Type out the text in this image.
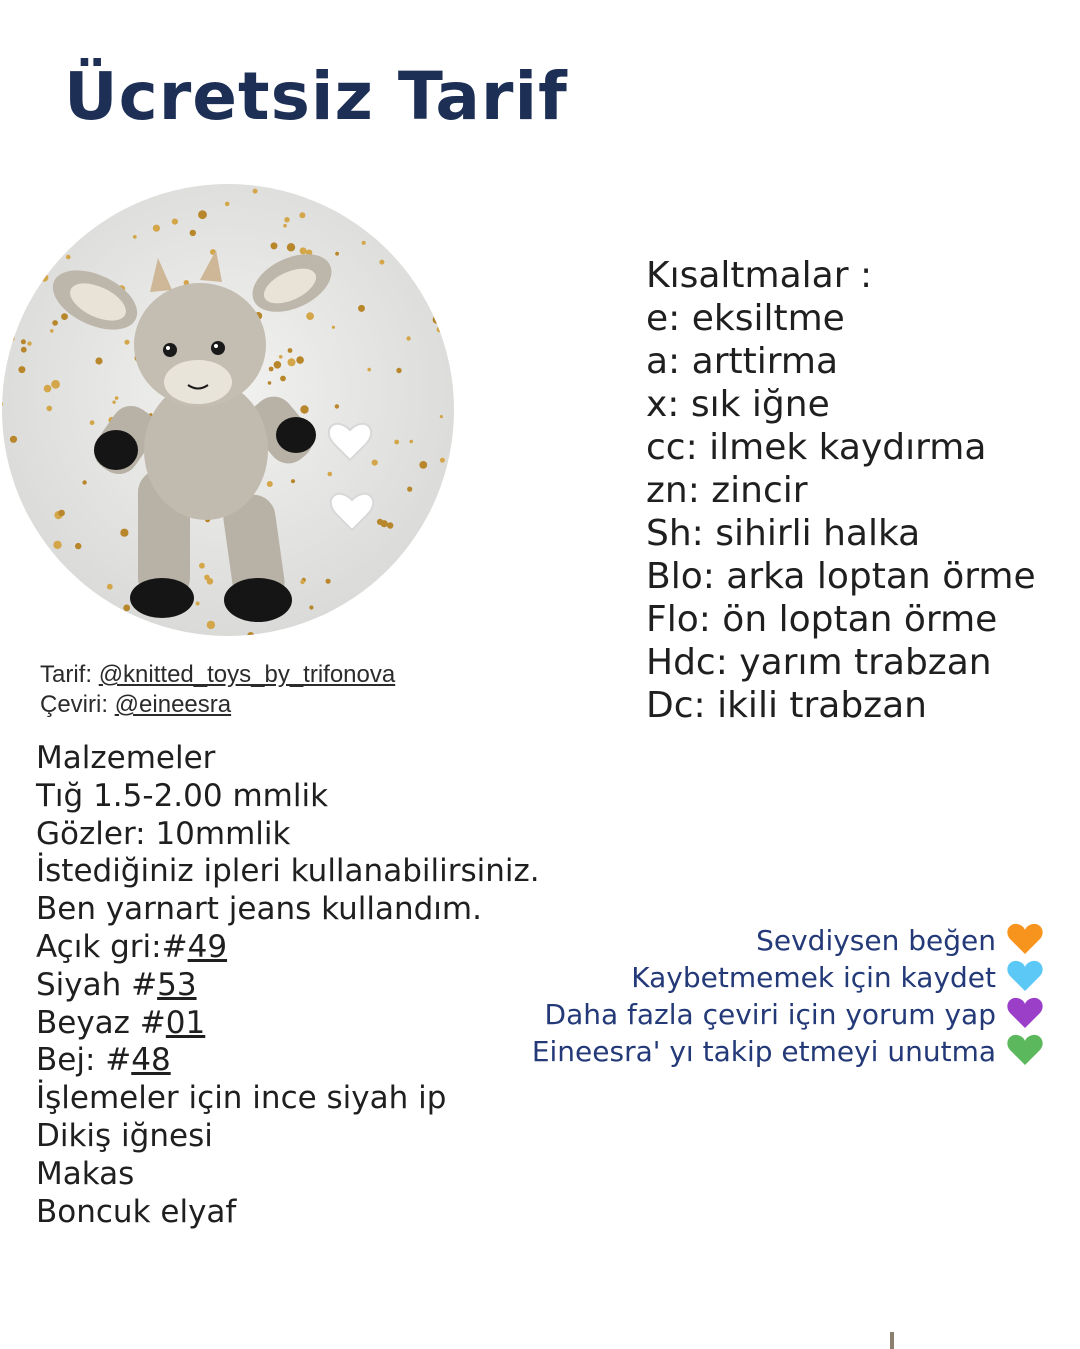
Ücretsiz Tarif
Tarif: @knitted_toys_by_trifonova
Çeviri: @eineesra
Malzemeler
Tığ 1.5-2.00 mmlik
Gözler: 10mmlik
İstediğiniz ipleri kullanabilirsiniz.
Ben yarnart jeans kullandım.
Açık gri:#49
Siyah #53
Beyaz #01
Bej: #48
İşlemeler için ince siyah ip
Dikiş iğnesi
Makas
Boncuk elyaf
Kısaltmalar :
e: eksiltme
a: arttirma
x: sık iğne
cc: ilmek kaydırma
zn: zincir
Sh: sihirli halka
Blo: arka loptan örme
Flo: ön loptan örme
Hdc: yarım trabzan
Dc: ikili trabzan
Sevdiysen beğen
Kaybetmemek için kaydet
Daha fazla çeviri için yorum yap
Eineesra' yı takip etmeyi unutma
